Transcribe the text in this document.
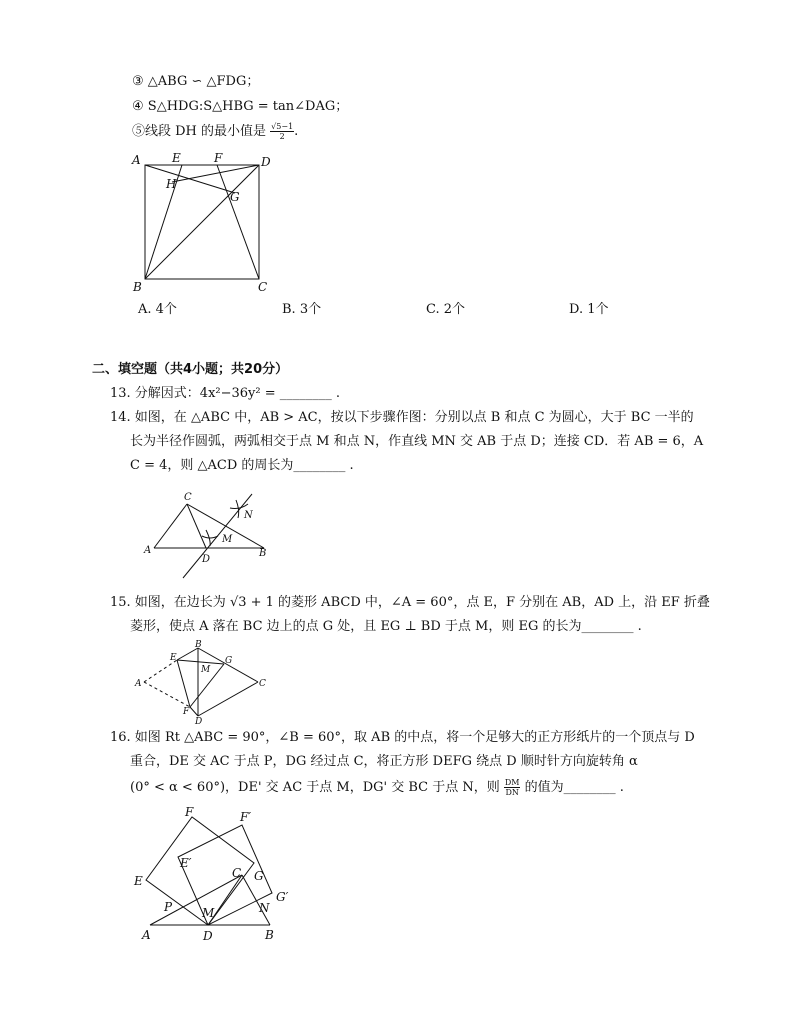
③ △ABG ∽ △FDG；
④ S△HDG:S△HBG = tan∠DAG；
⑤线段 DH 的最小值是 $\frac{√5-1}{2}$ .
A	E	F	D
H
G
B	C
A. 4个	B. 3个	C. 2个	D. 1个
二、填空题（共4小题；共20分）
13. 分解因式：4x²−36y² = ________ .
14. 如图，在 △ABC 中，AB > AC，按以下步骤作图：分别以点 B 和点 C 为圆心，大于 BC 一半的
长为半径作圆弧，两弧相交于点 M 和点 N，作直线 MN 交 AB 于点 D；连接 CD．若 AB = 6，A
C = 4，则 △ACD 的周长为________ .
C
N
M
A
D
B
15. 如图，在边长为 √3 + 1 的菱形 ABCD 中，∠A = 60°，点 E，F 分别在 AB，AD 上，沿 EF 折叠
菱形，使点 A 落在 BC 边上的点 G 处，且 EG ⊥ BD 于点 M，则 EG 的长为________ .
E
B
G
M
A	C
F
D
16. 如图 Rt △ABC = 90°，∠B = 60°，取 AB 的中点，将一个足够大的正方形纸片的一个顶点与 D
重合，DE 交 AC 于点 P，DG 经过点 C，将正方形 DEFG 绕点 D 顺时针方向旋转角 α
(0° < α < 60°)，DE' 交 AC 于点 M，DG' 交 BC 于点 N，则 $\frac{DM}{DN}$ 的值为________ .
F	F′
E′
E
C G
G′
P M	N
A	D	B
